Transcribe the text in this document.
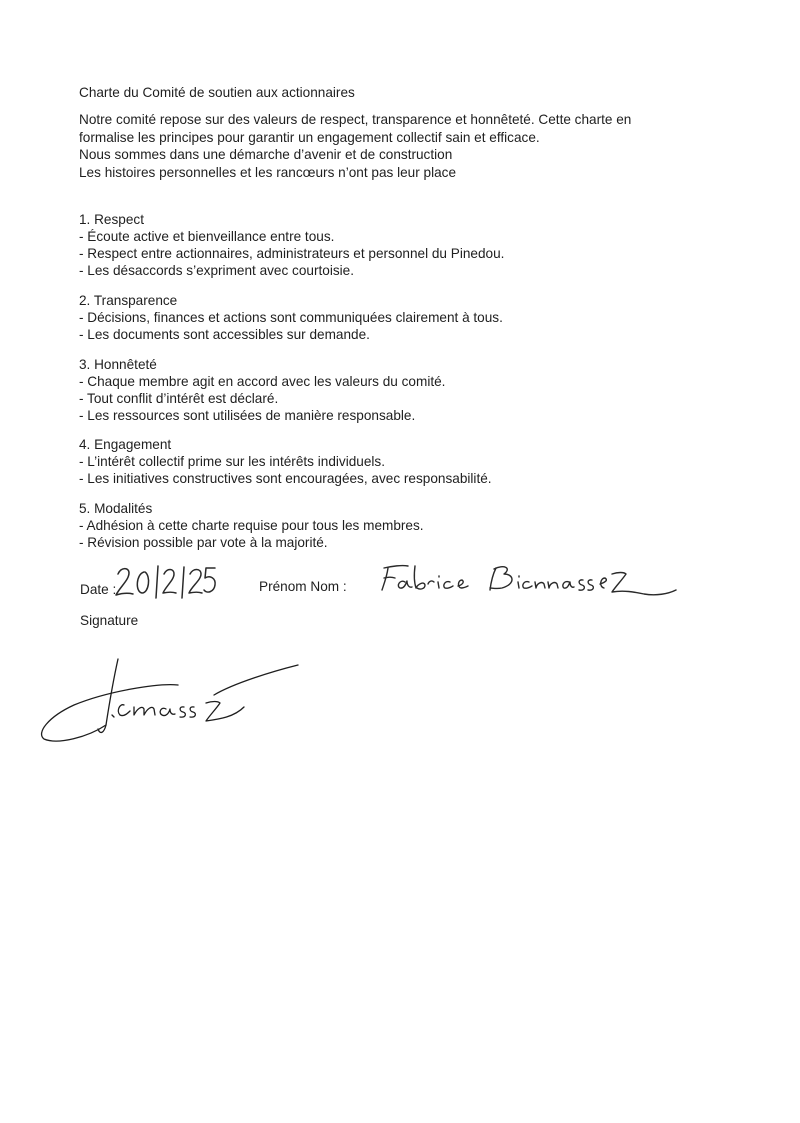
Charte du Comité de soutien aux actionnaires
Notre comité repose sur des valeurs de respect, transparence et honnêteté. Cette charte en
formalise les principes pour garantir un engagement collectif sain et efficace.
Nous sommes dans une démarche d’avenir et de construction
Les histoires personnelles et les rancœurs n’ont pas leur place
1. Respect
- Écoute active et bienveillance entre tous.
- Respect entre actionnaires, administrateurs et personnel du Pinedou.
- Les désaccords s’expriment avec courtoisie.
2. Transparence
- Décisions, finances et actions sont communiquées clairement à tous.
- Les documents sont accessibles sur demande.
3. Honnêteté
- Chaque membre agit en accord avec les valeurs du comité.
- Tout conflit d’intérêt est déclaré.
- Les ressources sont utilisées de manière responsable.
4. Engagement
- L’intérêt collectif prime sur les intérêts individuels.
- Les initiatives constructives sont encouragées, avec responsabilité.
5. Modalités
- Adhésion à cette charte requise pour tous les membres.
- Révision possible par vote à la majorité.
Date :	Prénom Nom :
Signature
